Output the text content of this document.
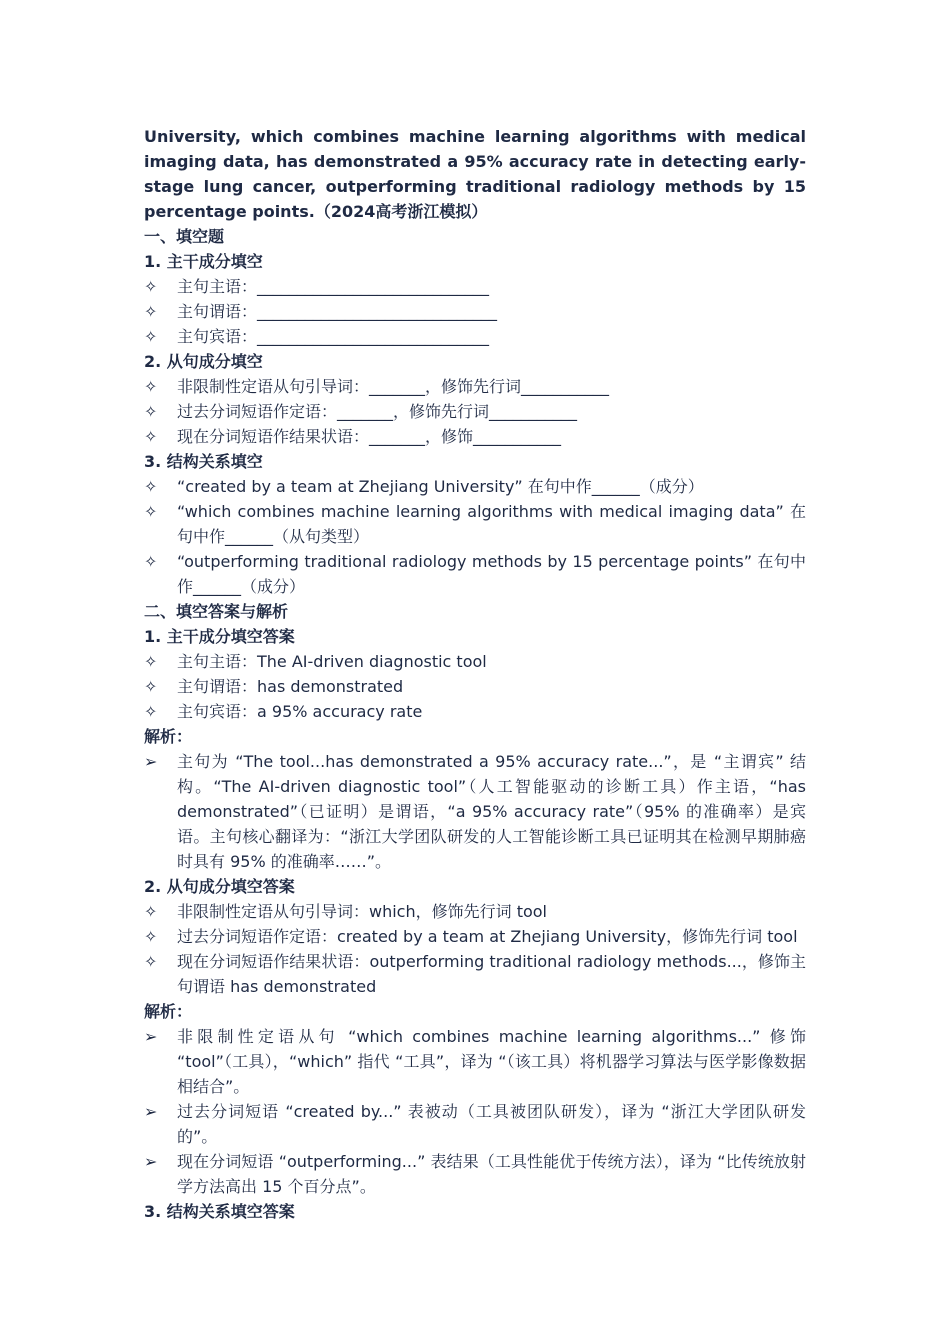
University, which combines machine learning algorithms with medical imaging data, has demonstrated a 95% accuracy rate in detecting early-stage lung cancer, outperforming traditional radiology methods by 15 percentage points.（2024高考浙江模拟）
一、填空题
1. 主干成分填空
✧	主句主语：_____________________________
✧	主句谓语：______________________________
✧	主句宾语：_____________________________
2. 从句成分填空
✧	非限制性定语从句引导词：_______，修饰先行词___________
✧	过去分词短语作定语：_______，修饰先行词___________
✧	现在分词短语作结果状语：_______，修饰___________
3. 结构关系填空
✧	“created by a team at Zhejiang University” 在句中作______（成分）
✧	“which combines machine learning algorithms with medical imaging data” 在句中作______（从句类型）
✧	“outperforming traditional radiology methods by 15 percentage points” 在句中作______（成分）
二、填空答案与解析
1. 主干成分填空答案
✧	主句主语：The AI-driven diagnostic tool
✧	主句谓语：has demonstrated
✧	主句宾语：a 95% accuracy rate
解析：
➢	主句为 “The tool...has demonstrated a 95% accuracy rate...”，是 “主谓宾” 结构。“The AI-driven diagnostic tool”（人工智能驱动的诊断工具）作主语，“has demonstrated”（已证明）是谓语，“a 95% accuracy rate”（95% 的准确率）是宾语。主句核心翻译为：“浙江大学团队研发的人工智能诊断工具已证明其在检测早期肺癌时具有 95% 的准确率……”。
2. 从句成分填空答案
✧	非限制性定语从句引导词：which，修饰先行词 tool
✧	过去分词短语作定语：created by a team at Zhejiang University，修饰先行词 tool
✧	现在分词短语作结果状语：outperforming traditional radiology methods...，修饰主句谓语 has demonstrated
解析：
➢	非限制性定语从句 “which combines machine learning algorithms...” 修饰 “tool”（工具），“which” 指代 “工具”，译为 “（该工具）将机器学习算法与医学影像数据相结合”。
➢	过去分词短语 “created by...” 表被动（工具被团队研发），译为 “浙江大学团队研发的”。
➢	现在分词短语 “outperforming...” 表结果（工具性能优于传统方法），译为 “比传统放射学方法高出 15 个百分点”。
3. 结构关系填空答案
